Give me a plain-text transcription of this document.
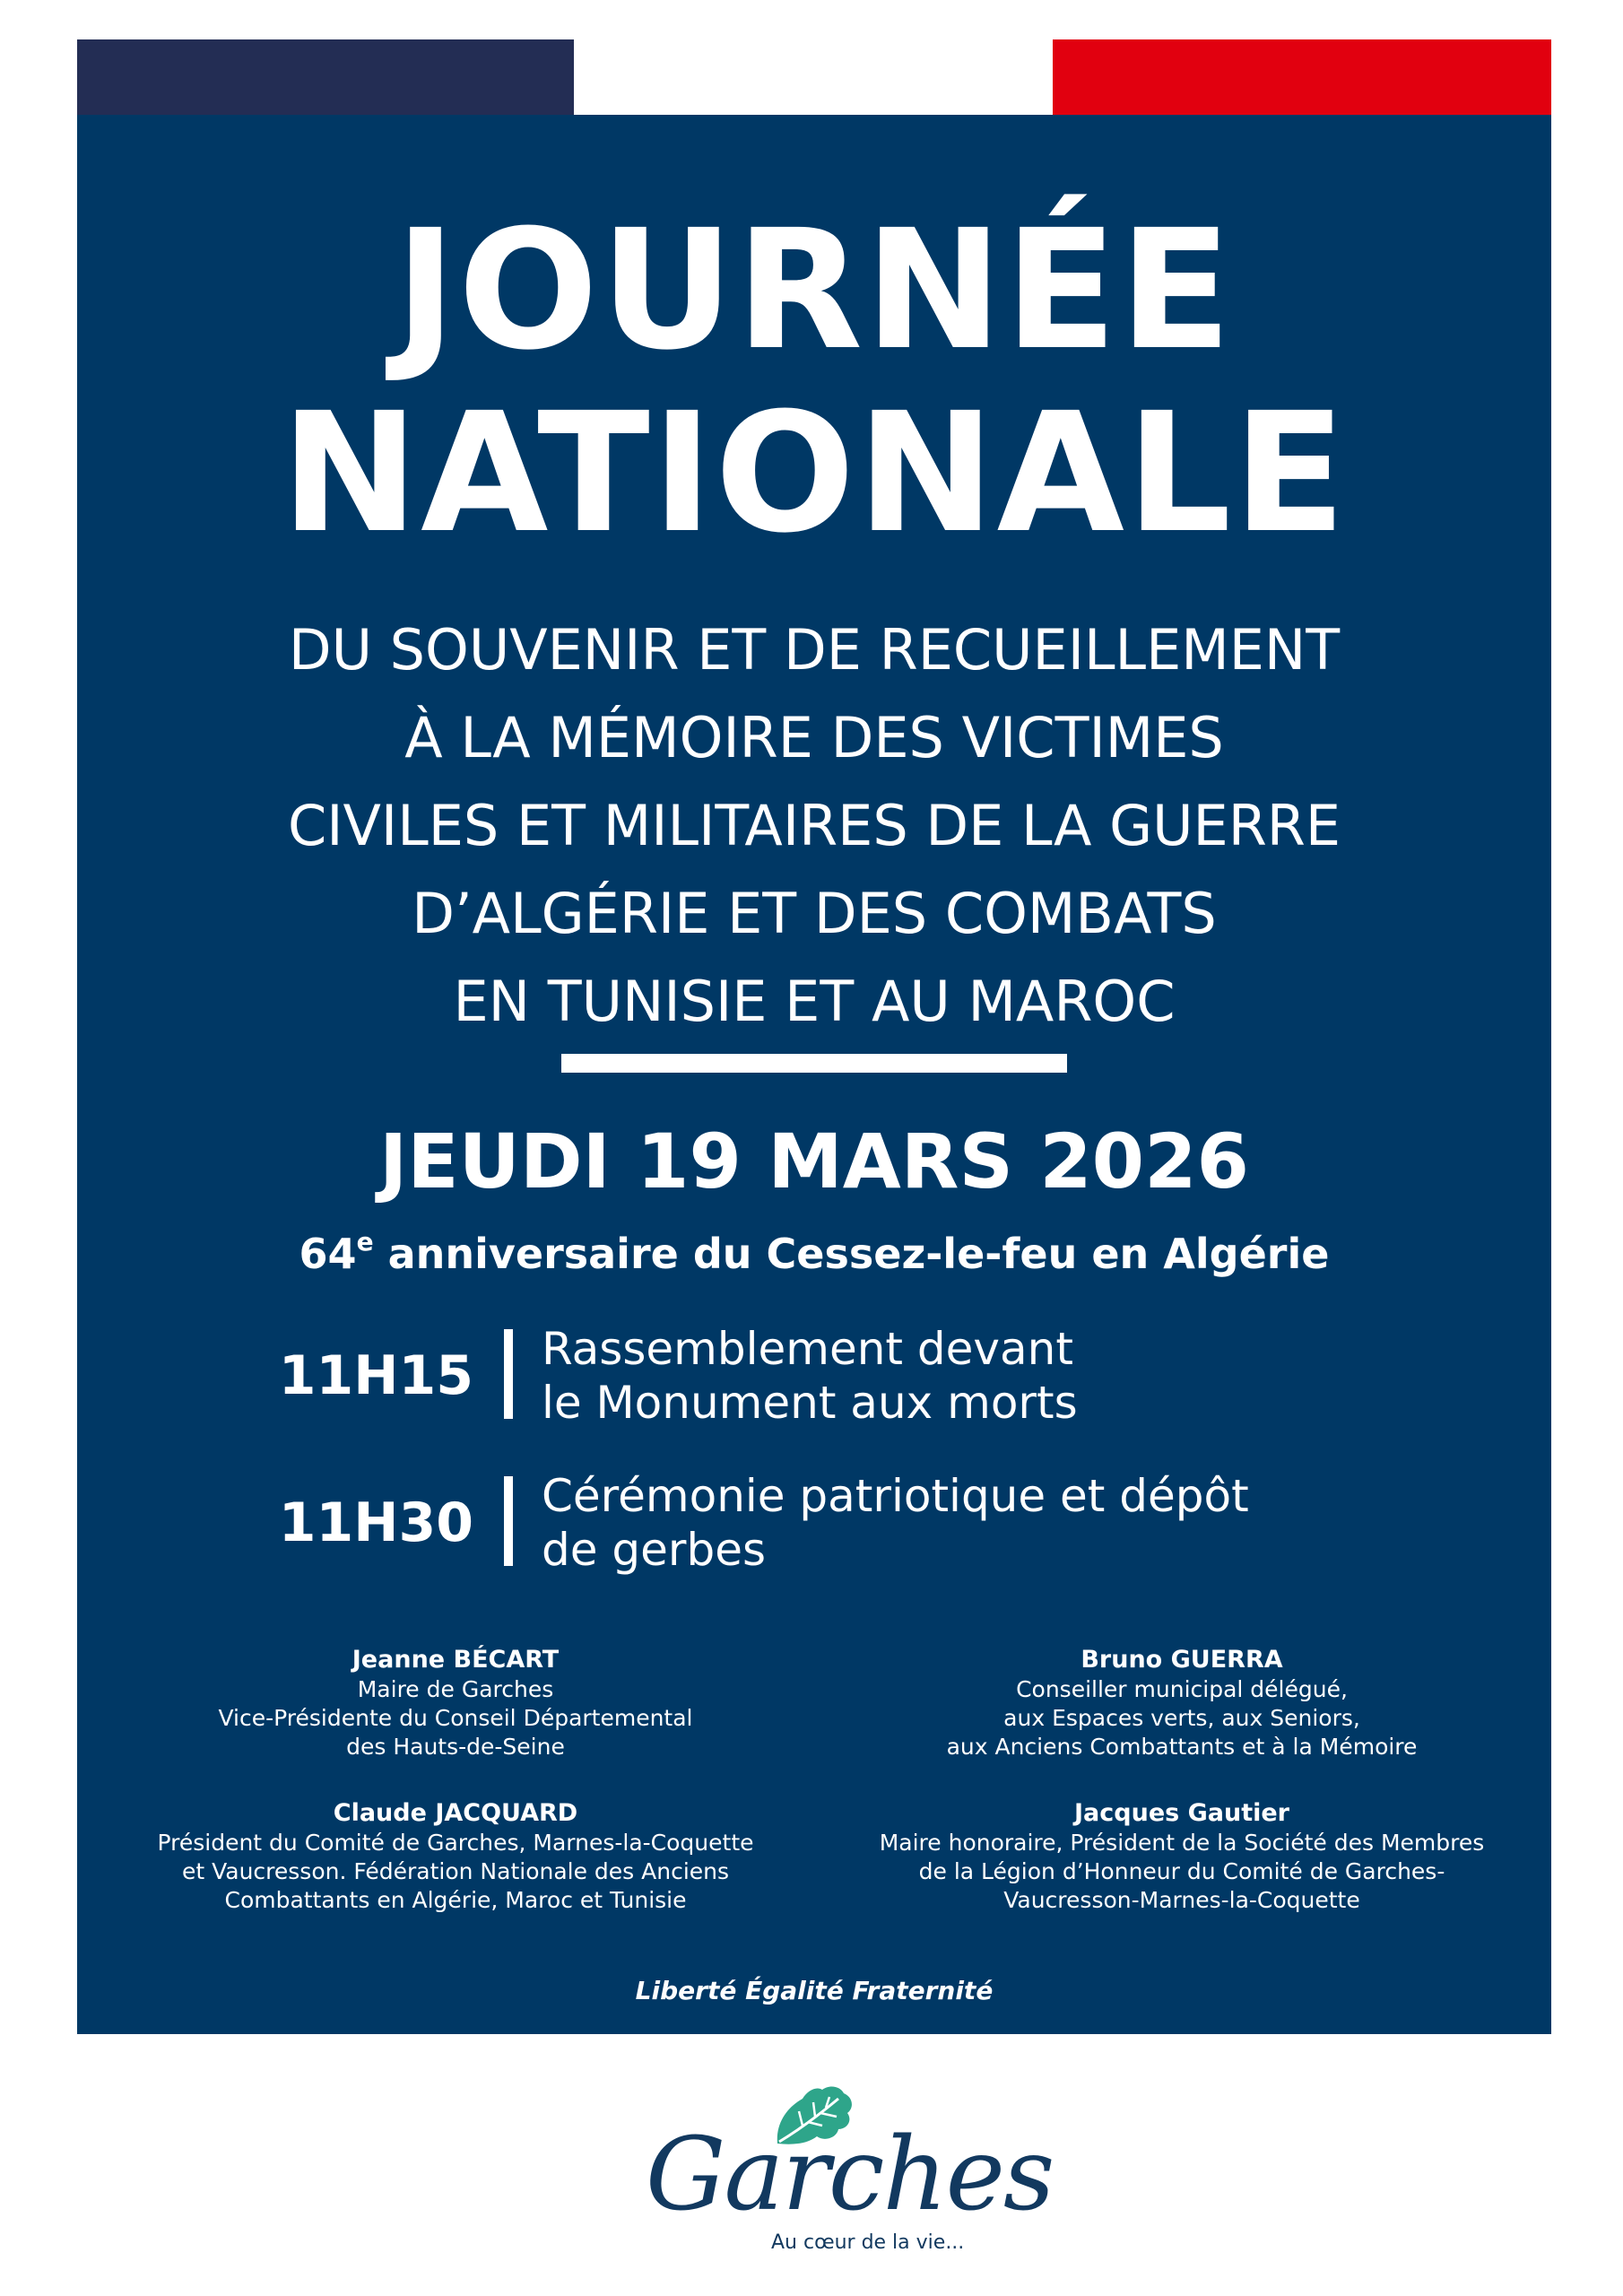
JOURNÉE
NATIONALE
DU SOUVENIR ET DE RECUEILLEMENT
À LA MÉMOIRE DES VICTIMES
CIVILES ET MILITAIRES DE LA GUERRE
D’ALGÉRIE ET DES COMBATS
EN TUNISIE ET AU MAROC
JEUDI 19 MARS 2026
64e anniversaire du Cessez-le-feu en Algérie
11H15 Rassemblement devant
le Monument aux morts
11H30 Cérémonie patriotique et dépôt
de gerbes
Jeanne BÉCART
Maire de Garches
Vice-Présidente du Conseil Départemental
des Hauts-de-Seine
Bruno GUERRA
Conseiller municipal délégué,
aux Espaces verts, aux Seniors,
aux Anciens Combattants et à la Mémoire
Claude JACQUARD
Président du Comité de Garches, Marnes-la-Coquette
et Vaucresson. Fédération Nationale des Anciens
Combattants en Algérie, Maroc et Tunisie
Jacques Gautier
Maire honoraire, Président de la Société des Membres
de la Légion d’Honneur du Comité de Garches-
Vaucresson-Marnes-la-Coquette
Liberté Égalité Fraternité
Garches
Au cœur de la vie...
